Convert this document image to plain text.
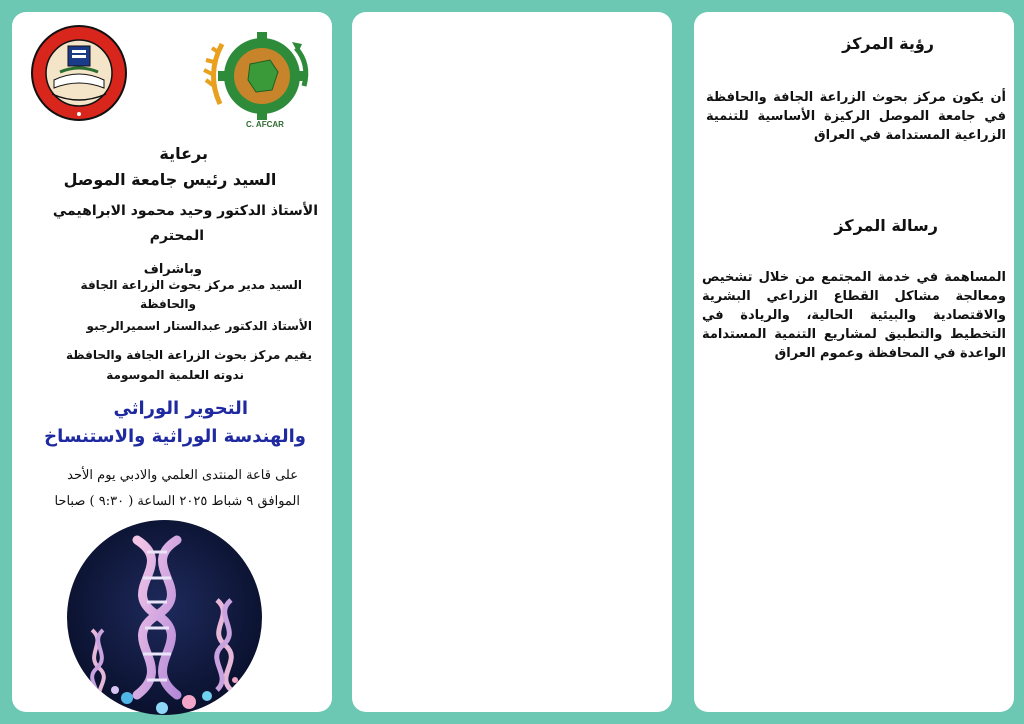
رؤية المركز
أن يكون مركز بحوث الزراعة الجافة والحافظة في جامعة الموصل الركيزة الأساسية للتنمية الزراعية المستدامة في العراق
رسالة المركز
المساهمة في خدمة المجتمع من خلال تشخيص ومعالجة مشاكل القطاع الزراعي البشرية والاقتصادية والبيئية الحالية، والريادة في التخطيط والتطبيق لمشاريع التنمية المستدامة الواعدة في المحافظة وعموم العراق
C. AFCAR
برعاية
السيد رئيس جامعة الموصل
الأستاذ الدكتور وحيد محمود الابراهيمي
المحترم
وباشراف
السيد مدير مركز بحوث الزراعة الجافة
والحافظة
الأستاذ الدكتور عبدالستار اسميرالرجبو
يقيم مركز بحوث الزراعة الجافة والحافظة
ندوته العلمية الموسومة
التحوير الوراثي
والهندسة الوراثية والاستنساخ
على قاعة المنتدى العلمي والادبي يوم الأحد
الموافق ٩ شباط ٢٠٢٥ الساعة ( ٩:٣٠ ) صباحا
